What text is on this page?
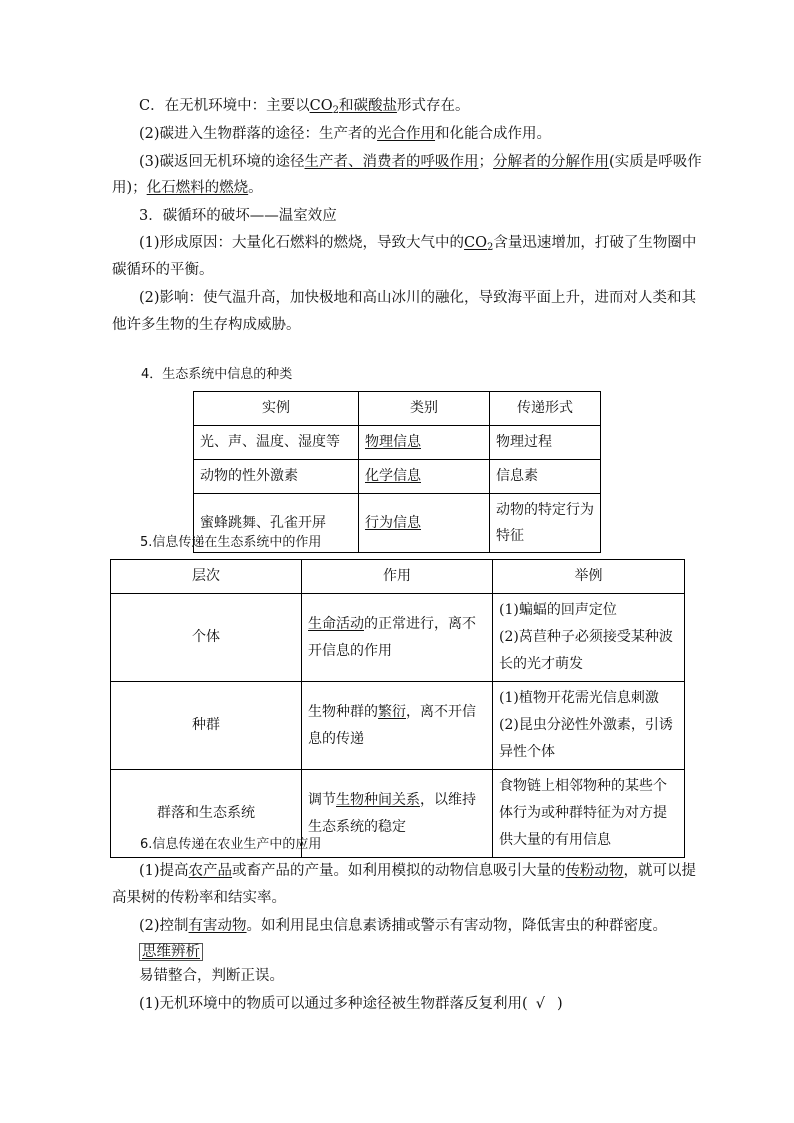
C．在无机环境中：主要以$CO_2$和碳酸盐形式存在。
(2)碳进入生物群落的途径：生产者的光合作用和化能合成作用。
(3)碳返回无机环境的途径生产者、消费者的呼吸作用；分解者的分解作用(实质是呼吸作
用)；化石燃料的燃烧。
3．碳循环的破坏——温室效应
(1)形成原因：大量化石燃料的燃烧，导致大气中的$CO_2$含量迅速增加，打破了生物圈中
碳循环的平衡。
(2)影响：使气温升高，加快极地和高山冰川的融化，导致海平面上升，进而对人类和其
他许多生物的生存构成威胁。
4．生态系统中信息的种类
实例	类别	传递形式
光、声、温度、湿度等	物理信息	物理过程
动物的性外激素	化学信息	信息素
蜜蜂跳舞、孔雀开屏	行为信息	动物的特定行为特征
5.信息传递在生态系统中的作用
层次	作用	举例
个体	生命活动的正常进行，离不开信息的作用	(1)蝙蝠的回声定位
(2)莴苣种子必须接受某种波长的光才萌发

种群	生物种群的繁衍，离不开信息的传递	(1)植物开花需光信息刺激
(2)昆虫分泌性外激素，引诱异性个体

群落和生态系统	调节生物种间关系，以维持生态系统的稳定	食物链上相邻物种的某些个体行为或种群特征为对方提供大量的有用信息
6.信息传递在农业生产中的应用
(1)提高农产品或畜产品的产量。如利用模拟的动物信息吸引大量的传粉动物，就可以提
高果树的传粉率和结实率。
(2)控制有害动物。如利用昆虫信息素诱捕或警示有害动物，降低害虫的种群密度。
思维辨析
易错整合，判断正误。
(1)无机环境中的物质可以通过多种途径被生物群落反复利用( √ )
